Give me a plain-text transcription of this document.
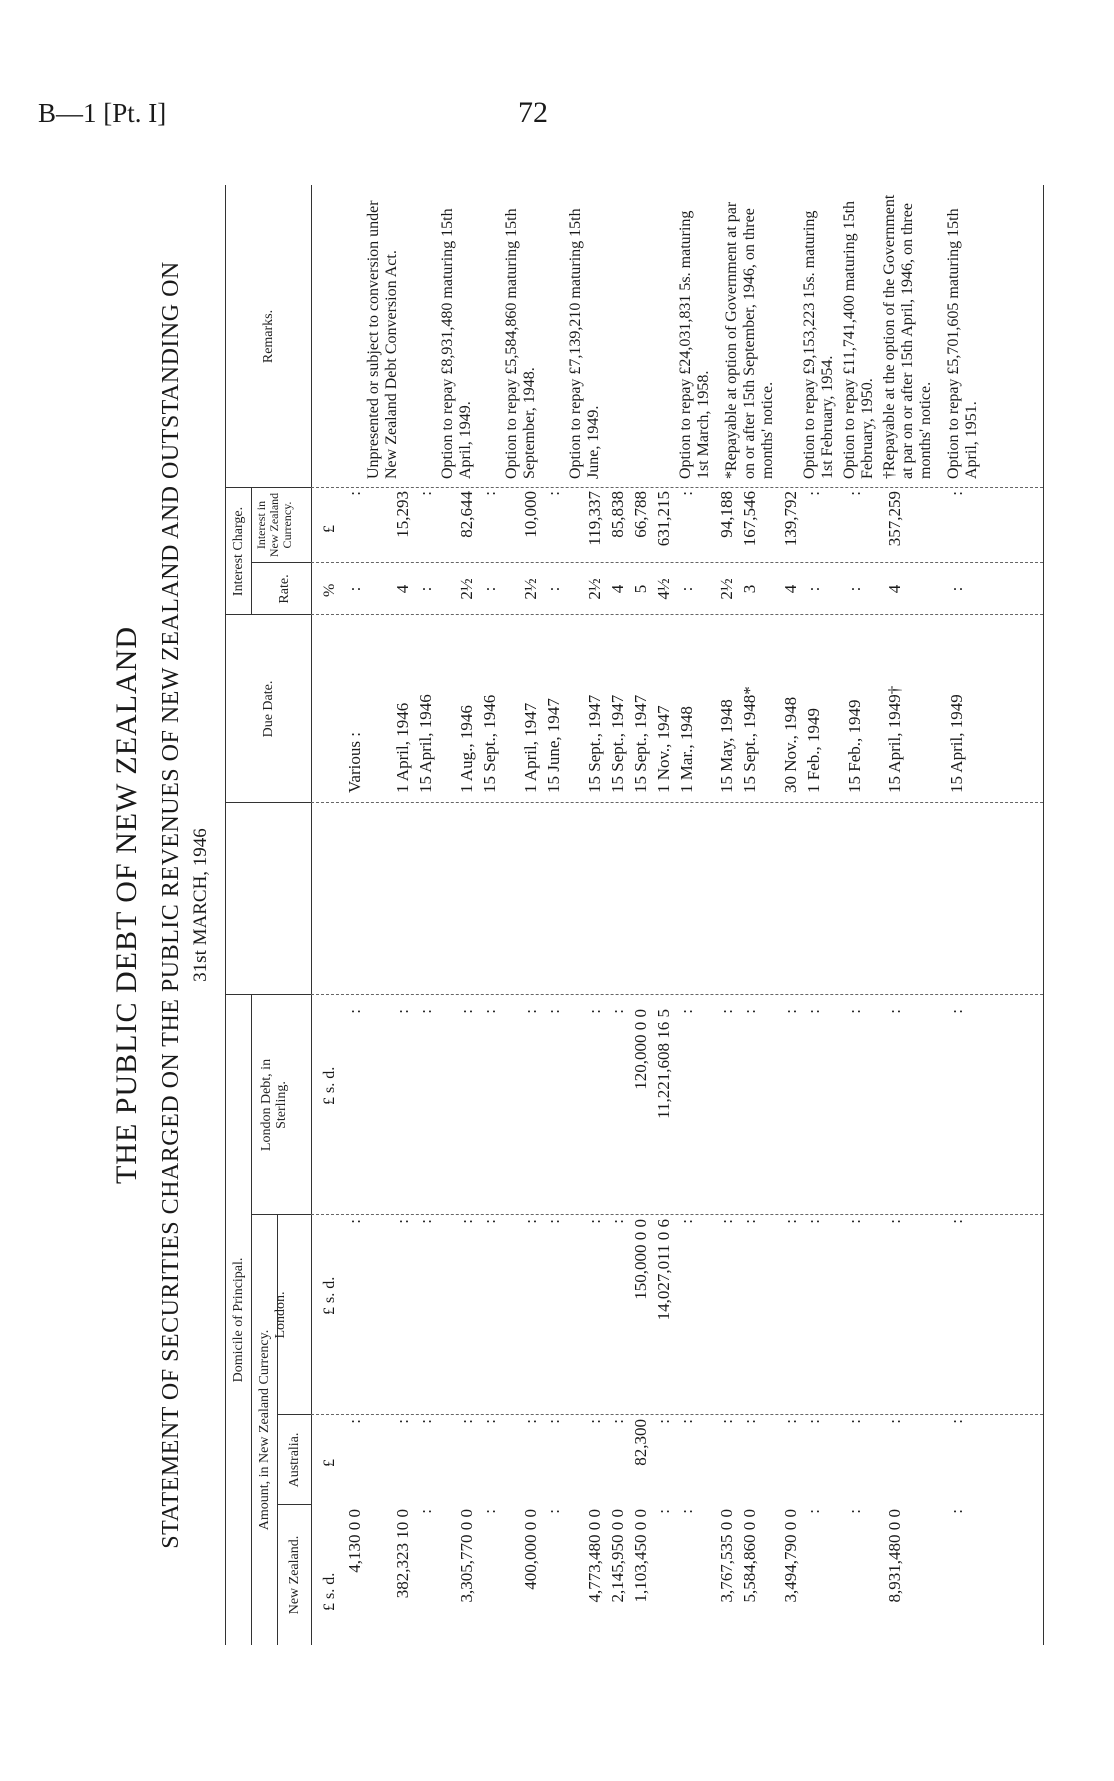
B—1 [Pt. I]	72
THE PUBLIC DEBT OF NEW ZEALAND STATEMENT OF SECURITIES CHARGED ON THE PUBLIC REVENUES OF NEW ZEALAND AND OUTSTANDING ON 31st MARCH, 1946
Domicile of Principal.
Amount, in New Zealand Currency.
New Zealand.
Australia.
London.
London Debt, in Sterling.
Due Date.
Interest Charge. Rate.
Interest in New Zealand Currency.
Remarks.
£ s. d.
£
£ s. d.
£ s. d.
%
£
4,130 0 0
:
:
:
Various :
:
:
382,323 10 0
:
:
:
1 April, 1946
4
15,293
:
:
:
:
15 April, 1946
:
:
3,305,770 0 0
:
:
:
1 Aug., 1946
2½
82,644
:
:
:
:
15 Sept., 1946
:
:
400,000 0 0
:
:
:
1 April, 1947
2½
10,000
:
:
:
:
15 June, 1947
:
:
4,773,480 0 0
:
:
:
15 Sept., 1947
2½
119,337
2,145,950 0 0
:
:
:
15 Sept., 1947
4
85,838
1,103,450 0 0
82,300
150,000 0 0
120,000 0 0
15 Sept., 1947
5
66,788
:
:
14,027,011 0 6
11,221,608 16 5
1 Nov., 1947
4½
631,215
:
:
:
:
1 Mar., 1948
:
:
3,767,535 0 0
:
:
:
15 May, 1948
2½
94,188
5,584,860 0 0
:
:
:
15 Sept., 1948*
3
167,546
3,494,790 0 0
:
:
:
30 Nov., 1948
4
139,792
:
:
:
:
1 Feb., 1949
:
:
:
:
:
:
15 Feb., 1949
:
:
8,931,480 0 0
:
:
:
15 April, 1949†
4
357,259
:
:
:
:
15 April, 1949
:
:
Unpresented or subject to conversion under New Zealand Debt Conversion Act. Option to repay £8,931,480 maturing 15th April, 1949. Option to repay £5,584,860 maturing 15th September, 1948. Option to repay £7,139,210 maturing 15th June, 1949.	Option to repay £24,031,831 5s. maturing 1st March, 1958. *Repayable at option of Government at par on or after 15th September, 1946, on three months' notice. Option to repay £9,153,223 15s. maturing 1st February, 1954. Option to repay £11,741,400 maturing 15th February, 1950. †Repayable at the option of the Government at par on or after 15th April, 1946, on three months' notice. Option to repay £5,701,605 maturing 15th April, 1951.
